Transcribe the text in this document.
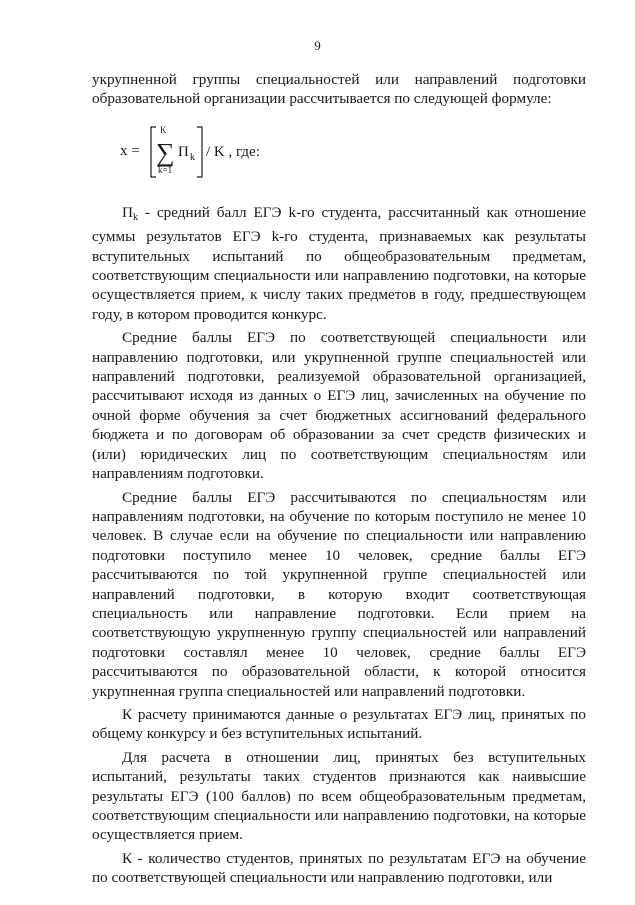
9

укрупненной группы специальностей или направлений подготовки образовательной организации рассчитывается по следующей формуле:

x =
K
∑
k=1
П k / K , где:

$П_k$ - средний балл ЕГЭ k-го студента, рассчитанный как отношение суммы результатов ЕГЭ k-го студента, признаваемых как результаты вступительных испытаний по общеобразовательным предметам, соответствующим специальности или направлению подготовки, на которые осуществляется прием, к числу таких предметов в году, предшествующем году, в котором проводится конкурс.

Средние баллы ЕГЭ по соответствующей специальности или направлению подготовки, или укрупненной группе специальностей или направлений подготовки, реализуемой образовательной организацией, рассчитывают исходя из данных о ЕГЭ лиц, зачисленных на обучение по очной форме обучения за счет бюджетных ассигнований федерального бюджета и по договорам об образовании за счет средств физических и (или) юридических лиц по соответствующим специальностям или направлениям подготовки.

Средние баллы ЕГЭ рассчитываются по специальностям или направлениям подготовки, на обучение по которым поступило не менее 10 человек. В случае если на обучение по специальности или направлению подготовки поступило менее 10 человек, средние баллы ЕГЭ рассчитываются по той укрупненной группе специальностей или направлений подготовки, в которую входит соответствующая специальность или направление подготовки. Если прием на соответствующую укрупненную группу специальностей или направлений подготовки составлял менее 10 человек, средние баллы ЕГЭ рассчитываются по образовательной области, к которой относится укрупненная группа специальностей или направлений подготовки.

К расчету принимаются данные о результатах ЕГЭ лиц, принятых по общему конкурсу и без вступительных испытаний.

Для расчета в отношении лиц, принятых без вступительных испытаний, результаты таких студентов признаются как наивысшие результаты ЕГЭ (100 баллов) по всем общеобразовательным предметам, соответствующим специальности или направлению подготовки, на которые осуществляется прием.

К - количество студентов, принятых по результатам ЕГЭ на обучение по соответствующей специальности или направлению подготовки, или
